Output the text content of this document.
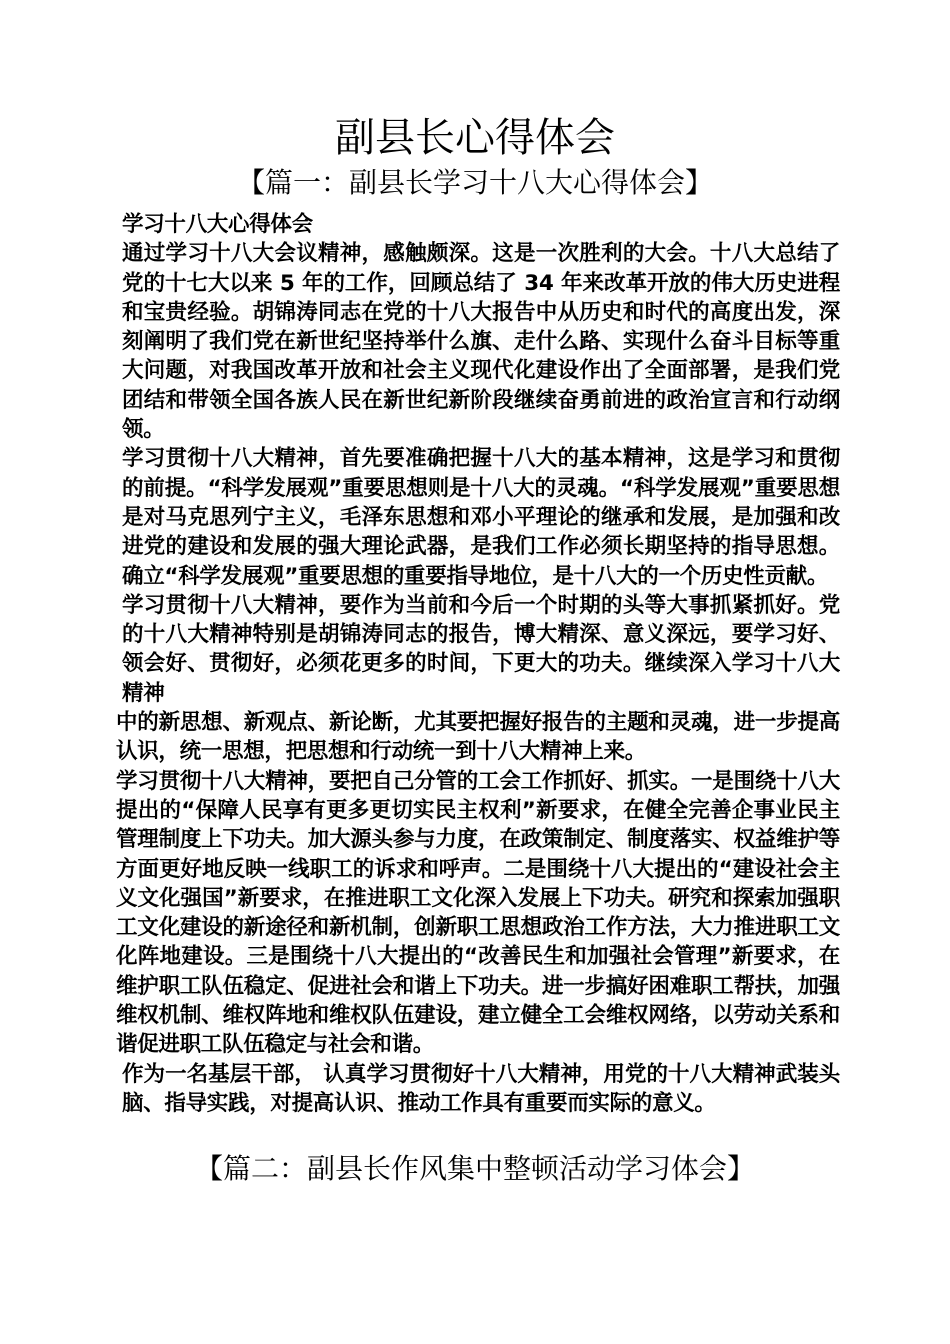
副县长心得体会
【篇一：副县长学习十八大心得体会】

学习十八大心得体会

通过学习十八大会议精神，感触颇深。这是一次胜利的大会。十八大总结了党的十七大以来 5 年的工作，回顾总结了 34 年来改革开放的伟大历史进程和宝贵经验。胡锦涛同志在党的十八大报告中从历史和时代的高度出发，深刻阐明了我们党在新世纪坚持举什么旗、走什么路、实现什么奋斗目标等重大问题，对我国改革开放和社会主义现代化建设作出了全面部署，是我们党团结和带领全国各族人民在新世纪新阶段继续奋勇前进的政治宣言和行动纲领。

学习贯彻十八大精神，首先要准确把握十八大的基本精神，这是学习和贯彻的前提。“科学发展观”重要思想则是十八大的灵魂。“科学发展观”重要思想是对马克思列宁主义，毛泽东思想和邓小平理论的继承和发展，是加强和改进党的建设和发展的强大理论武器，是我们工作必须长期坚持的指导思想。确立“科学发展观”重要思想的重要指导地位，是十八大的一个历史性贡献。

学习贯彻十八大精神，要作为当前和今后一个时期的头等大事抓紧抓好。党的十八大精神特别是胡锦涛同志的报告，博大精深、意义深远，要学习好、领会好、贯彻好，必须花更多的时间，下更大的功夫。继续深入学习十八大精神

中的新思想、新观点、新论断，尤其要把握好报告的主题和灵魂，进一步提高认识，统一思想，把思想和行动统一到十八大精神上来。

学习贯彻十八大精神，要把自己分管的工会工作抓好、抓实。一是围绕十八大提出的“保障人民享有更多更切实民主权利”新要求，在健全完善企事业民主管理制度上下功夫。加大源头参与力度，在政策制定、制度落实、权益维护等方面更好地反映一线职工的诉求和呼声。二是围绕十八大提出的“建设社会主义文化强国”新要求，在推进职工文化深入发展上下功夫。研究和探索加强职工文化建设的新途径和新机制，创新职工思想政治工作方法，大力推进职工文化阵地建设。三是围绕十八大提出的“改善民生和加强社会管理”新要求，在维护职工队伍稳定、促进社会和谐上下功夫。进一步搞好困难职工帮扶，加强维权机制、维权阵地和维权队伍建设，建立健全工会维权网络，以劳动关系和谐促进职工队伍稳定与社会和谐。

作为一名基层干部， 认真学习贯彻好十八大精神，用党的十八大精神武装头脑、指导实践，对提高认识、推动工作具有重要而实际的意义。

【篇二：副县长作风集中整顿活动学习体会】
